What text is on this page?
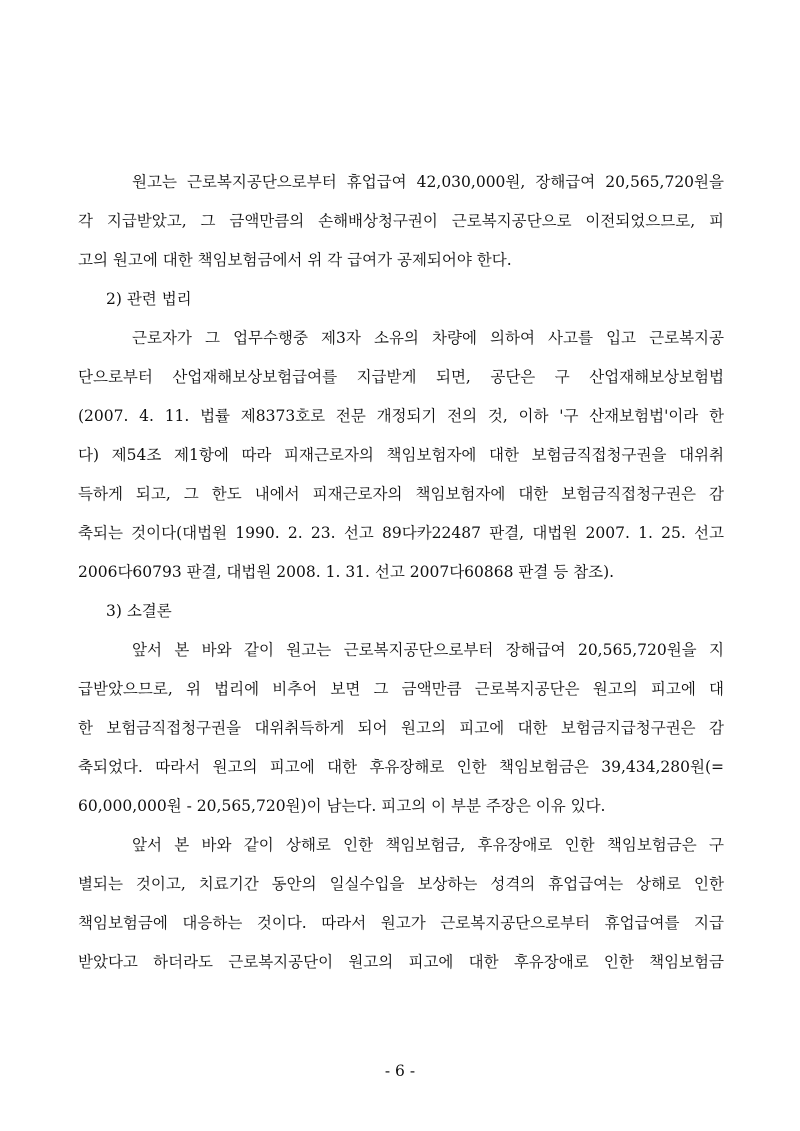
원고는 근로복지공단으로부터 휴업급여 42,030,000원, 장해급여 20,565,720원을
각 지급받았고, 그 금액만큼의 손해배상청구권이 근로복지공단으로 이전되었으므로, 피
고의 원고에 대한 책임보험금에서 위 각 급여가 공제되어야 한다.
2) 관련 법리
근로자가 그 업무수행중 제3자 소유의 차량에 의하여 사고를 입고 근로복지공
단으로부터 산업재해보상보험급여를 지급받게 되면, 공단은 구 산업재해보상보험법
(2007. 4. 11. 법률 제8373호로 전문 개정되기 전의 것, 이하 '구 산재보험법'이라 한
다) 제54조 제1항에 따라 피재근로자의 책임보험자에 대한 보험금직접청구권을 대위취
득하게 되고, 그 한도 내에서 피재근로자의 책임보험자에 대한 보험금직접청구권은 감
축되는 것이다(대법원 1990. 2. 23. 선고 89다카22487 판결, 대법원 2007. 1. 25. 선고
2006다60793 판결, 대법원 2008. 1. 31. 선고 2007다60868 판결 등 참조).
3) 소결론
앞서 본 바와 같이 원고는 근로복지공단으로부터 장해급여 20,565,720원을 지
급받았으므로, 위 법리에 비추어 보면 그 금액만큼 근로복지공단은 원고의 피고에 대
한 보험금직접청구권을 대위취득하게 되어 원고의 피고에 대한 보험금지급청구권은 감
축되었다. 따라서 원고의 피고에 대한 후유장해로 인한 책임보험금은 39,434,280원(=
60,000,000원 - 20,565,720원)이 남는다. 피고의 이 부분 주장은 이유 있다.
앞서 본 바와 같이 상해로 인한 책임보험금, 후유장애로 인한 책임보험금은 구
별되는 것이고, 치료기간 동안의 일실수입을 보상하는 성격의 휴업급여는 상해로 인한
책임보험금에 대응하는 것이다. 따라서 원고가 근로복지공단으로부터 휴업급여를 지급
받았다고 하더라도 근로복지공단이 원고의 피고에 대한 후유장애로 인한 책임보험금
- 6 -
